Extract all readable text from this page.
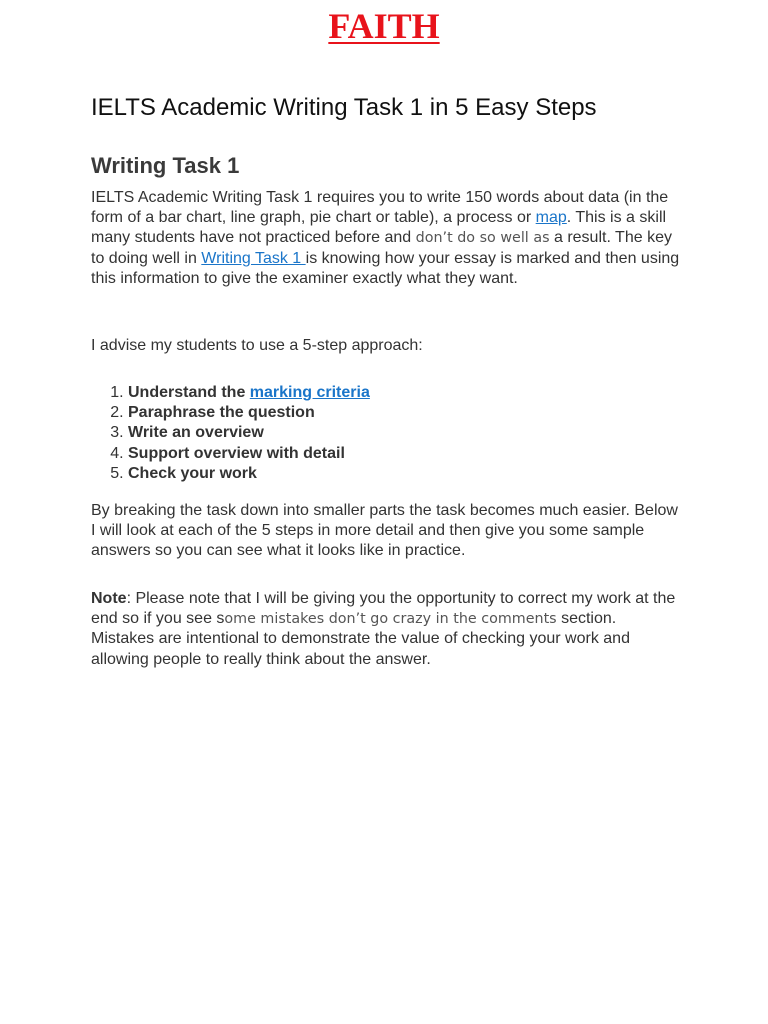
FAITH
IELTS Academic Writing Task 1 in 5 Easy Steps
Writing Task 1

IELTS Academic Writing Task 1 requires you to write 150 words about data (in the form of a bar chart, line graph, pie chart or table), a process or map. This is a skill many students have not practiced before and don’t do so well as a result. The key to doing well in Writing Task 1 is knowing how your essay is marked and then using this information to give the examiner exactly what they want.

I advise my students to use a 5-step approach:

1. Understand the marking criteria
2. Paraphrase the question
3. Write an overview
4. Support overview with detail
5. Check your work

By breaking the task down into smaller parts the task becomes much easier. Below I will look at each of the 5 steps in more detail and then give you some sample answers so you can see what it looks like in practice.

Note: Please note that I will be giving you the opportunity to correct my work at the end so if you see some mistakes don’t go crazy in the comments section. Mistakes are intentional to demonstrate the value of checking your work and allowing people to really think about the answer.
